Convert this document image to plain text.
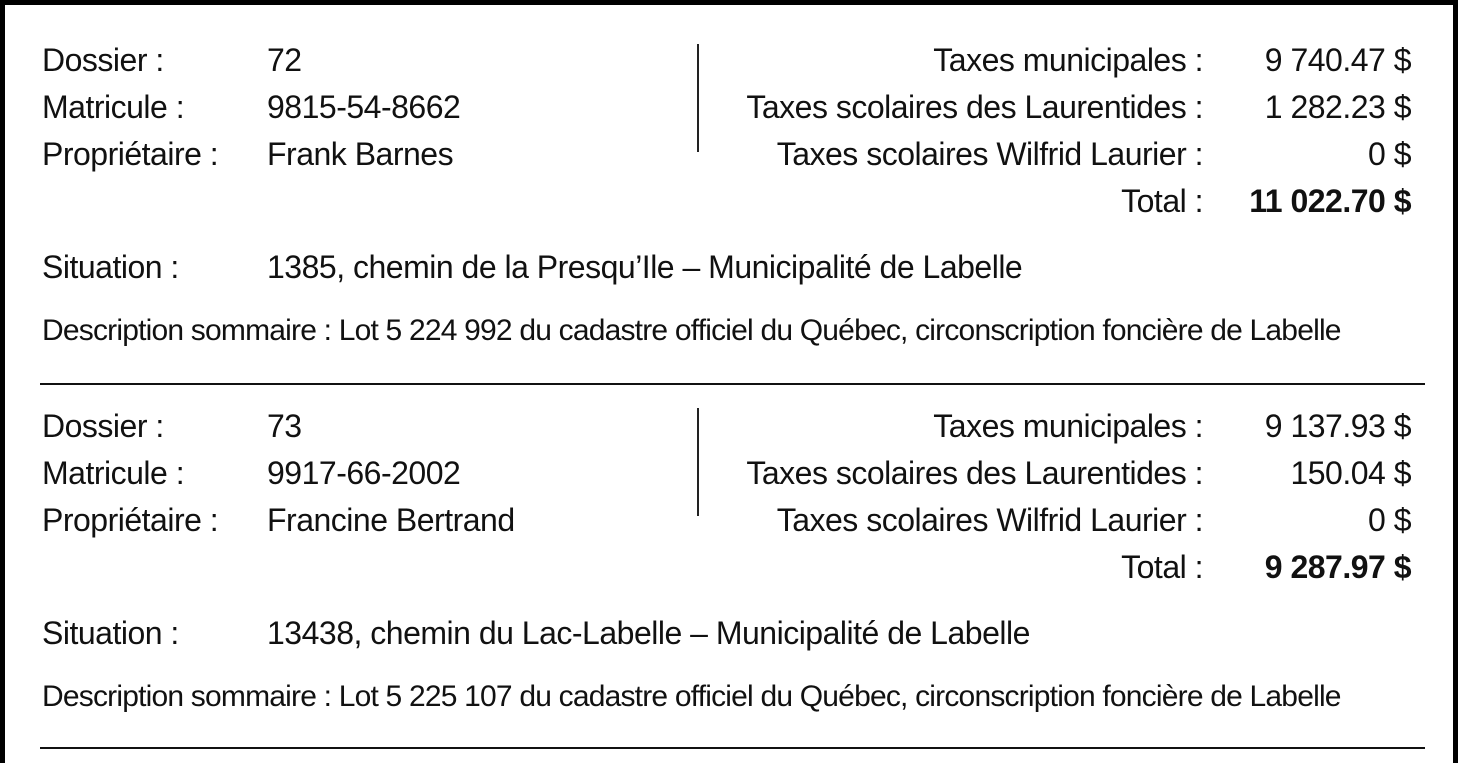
Dossier :	72
Matricule :	9815-54-8662
Propriétaire : Frank Barnes
Taxes municipales : 9 740.47 $
Taxes scolaires des Laurentides : 1 282.23 $
Taxes scolaires Wilfrid Laurier :	0 $
Total : 11 022.70 $
Situation :	1385, chemin de la Presqu’Ile – Municipalité de Labelle
Description sommaire : Lot 5 224 992 du cadastre officiel du Québec, circonscription foncière de Labelle
Dossier :	73
Matricule :	9917-66-2002
Propriétaire : Francine Bertrand
Taxes municipales : 9 137.93 $
Taxes scolaires des Laurentides :	150.04 $
Taxes scolaires Wilfrid Laurier :	0 $
Total : 9 287.97 $
Situation :	13438, chemin du Lac-Labelle – Municipalité de Labelle
Description sommaire : Lot 5 225 107 du cadastre officiel du Québec, circonscription foncière de Labelle
